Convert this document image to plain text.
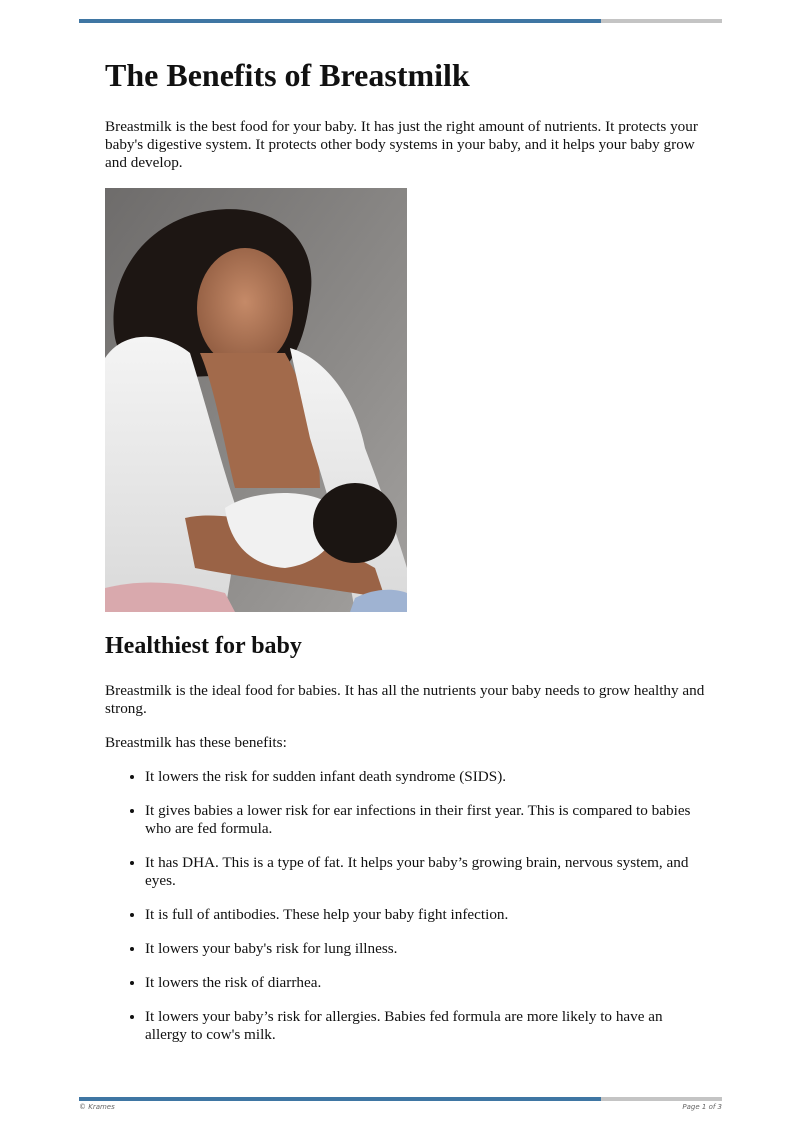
The Benefits of Breastmilk

Breastmilk is the best food for your baby. It has just the right amount of nutrients. It protects your baby's digestive system. It protects other body systems in your baby, and it helps your baby grow and develop.

Healthiest for baby

Breastmilk is the ideal food for babies. It has all the nutrients your baby needs to grow healthy and strong.

Breastmilk has these benefits:

• It lowers the risk for sudden infant death syndrome (SIDS).
• It gives babies a lower risk for ear infections in their first year. This is compared to babies who are fed formula.
• It has DHA. This is a type of fat. It helps your baby’s growing brain, nervous system, and eyes.
• It is full of antibodies. These help your baby fight infection.
• It lowers your baby's risk for lung illness.
• It lowers the risk of diarrhea.
• It lowers your baby’s risk for allergies. Babies fed formula are more likely to have an allergy to cow's milk.
© Krames	Page 1 of 3
